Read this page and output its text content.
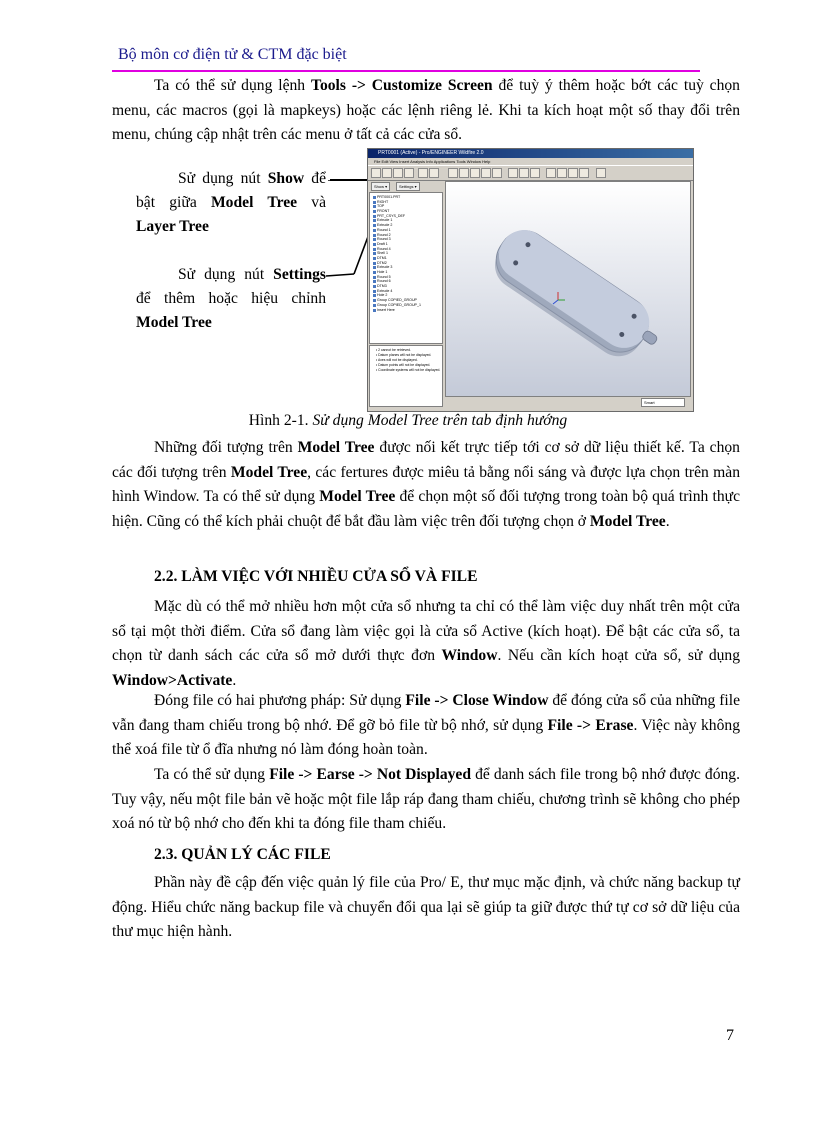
Bộ môn cơ điện tử & CTM đặc biệt

Ta có thể sử dụng lệnh Tools -> Customize Screen để tuỳ ý thêm hoặc bớt các tuỳ chọn menu, các macros (gọi là mapkeys) hoặc các lệnh riêng lẻ. Khi ta kích hoạt một số thay đổi trên menu, chúng cập nhật trên các menu ở tất cả các cửa sổ.

Sử dụng nút Show để bật giữa Model Tree và Layer Tree

Sử dụng nút Settings để thêm hoặc hiệu chỉnh Model Tree

PRT0001 (Active) - Pro/ENGINEER Wildfire 2.0
File Edit View Insert Analysis Info Applications Tools Window Help
Show ▾	Settings ▾
PRT0001.PRT
RIGHT
TOP
FRONT
PRT_CSYS_DEF
Extrude 1
Extrude 2
Round 1
Round 2
Round 3
Draft 1
Round 4
Shell 1
DTM1
DTM2
Extrude 3
Hole 1
Round 5
Round 6
DTM3
Extrude 4
Hole 2
Group COPIED_GROUP
Group COPIED_GROUP_1
Insert Here
• 2 cannot be retrieved.
• Datum planes will not be displayed.
• Axes will not be displayed.
• Datum points will not be displayed.
• Coordinate systems will not be displayed.
Smart
Hình 2-1. Sử dụng Model Tree trên tab định hướng

Những đối tượng trên Model Tree được nối kết trực tiếp tới cơ sở dữ liệu thiết kế. Ta chọn các đối tượng trên Model Tree, các fertures được miêu tả bằng nổi sáng và được lựa chọn trên màn hình Window. Ta có thể sử dụng Model Tree để chọn một số đối tượng trong toàn bộ quá trình thực hiện. Cũng có thể kích phải chuột để bắt đầu làm việc trên đối tượng chọn ở Model Tree.

2.2. LÀM VIỆC VỚI NHIỀU CỬA SỔ VÀ FILE

Mặc dù có thể mở nhiều hơn một cửa sổ nhưng ta chỉ có thể làm việc duy nhất trên một cửa sổ tại một thời điểm. Cửa sổ đang làm việc gọi là cửa sổ Active (kích hoạt). Để bật các cửa sổ, ta chọn từ danh sách các cửa sổ mở dưới thực đơn Window. Nếu cần kích hoạt cửa sổ, sử dụng Window>Activate.

Đóng file có hai phương pháp: Sử dụng File -> Close Window để đóng cửa sổ của những file vẫn đang tham chiếu trong bộ nhớ. Để gỡ bỏ file từ bộ nhớ, sử dụng File -> Erase. Việc này không thể xoá file từ ổ đĩa nhưng nó làm đóng hoàn toàn.

Ta có thể sử dụng File -> Earse -> Not Displayed để danh sách file trong bộ nhớ được đóng. Tuy vậy, nếu một file bản vẽ hoặc một file lắp ráp đang tham chiếu, chương trình sẽ không cho phép xoá nó từ bộ nhớ cho đến khi ta đóng file tham chiếu.

2.3. QUẢN LÝ CÁC FILE

Phần này đề cập đến việc quản lý file của Pro/ E, thư mục mặc định, và chức năng backup tự động. Hiểu chức năng backup file và chuyển đổi qua lại sẽ giúp ta giữ được thứ tự cơ sở dữ liệu của thư mục hiện hành.

7
